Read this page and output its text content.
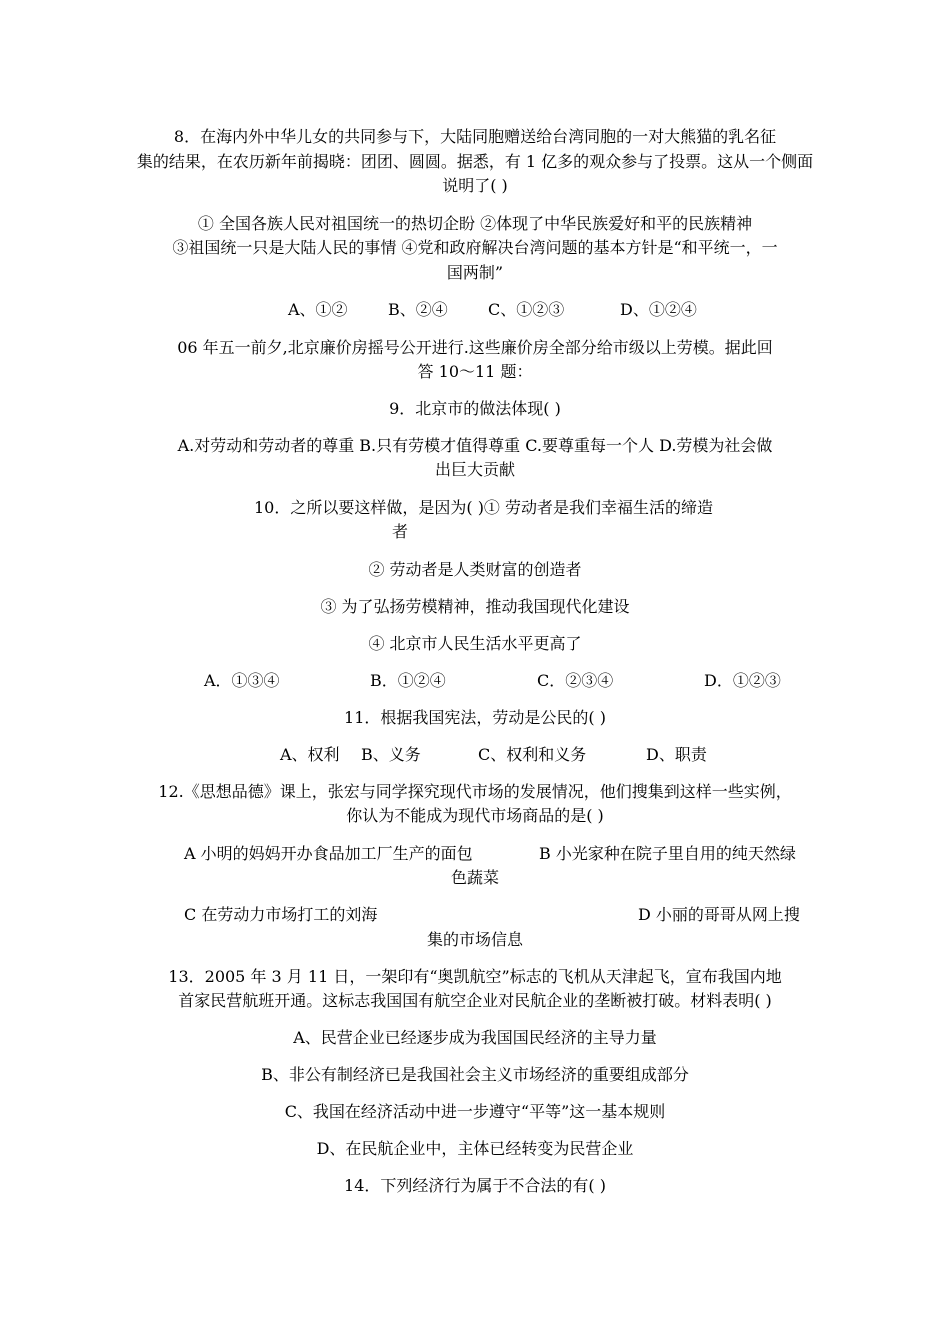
8．在海内外中华儿女的共同参与下，大陆同胞赠送给台湾同胞的一对大熊猫的乳名征
集的结果，在农历新年前揭晓：团团、圆圆。据悉，有 1 亿多的观众参与了投票。这从一个侧面
说明了( )
① 全国各族人民对祖国统一的热切企盼 ②体现了中华民族爱好和平的民族精神
③祖国统一只是大陆人民的事情 ④党和政府解决台湾问题的基本方针是“和平统一，一
国两制”
A、①②	B、②④	C、①②③	D、①②④
06 年五一前夕,北京廉价房摇号公开进行.这些廉价房全部分给市级以上劳模。据此回
答 10～11 题：
9．北京市的做法体现( )
A.对劳动和劳动者的尊重 B.只有劳模才值得尊重 C.要尊重每一个人 D.劳模为社会做
出巨大贡献
10．之所以要这样做，是因为( )① 劳动者是我们幸福生活的缔造
者
② 劳动者是人类财富的创造者
③ 为了弘扬劳模精神，推动我国现代化建设
④ 北京市人民生活水平更高了
A．①③④	B．①②④	C．②③④	D．①②③
11．根据我国宪法，劳动是公民的( )
A、权利 B、义务	C、权利和义务	D、职责
12.《思想品德》课上，张宏与同学探究现代市场的发展情况，他们搜集到这样一些实例，
你认为不能成为现代市场商品的是( )
A 小明的妈妈开办食品加工厂生产的面包	B 小光家种在院子里自用的纯天然绿
色蔬菜
C 在劳动力市场打工的刘海	D 小丽的哥哥从网上搜
集的市场信息
13．2005 年 3 月 11 日，一架印有“奥凯航空”标志的飞机从天津起飞，宣布我国内地
首家民营航班开通。这标志我国国有航空企业对民航企业的垄断被打破。材料表明( )
A、民营企业已经逐步成为我国国民经济的主导力量
B、非公有制经济已是我国社会主义市场经济的重要组成部分
C、我国在经济活动中进一步遵守“平等”这一基本规则
D、在民航企业中，主体已经转变为民营企业
14．下列经济行为属于不合法的有( )
